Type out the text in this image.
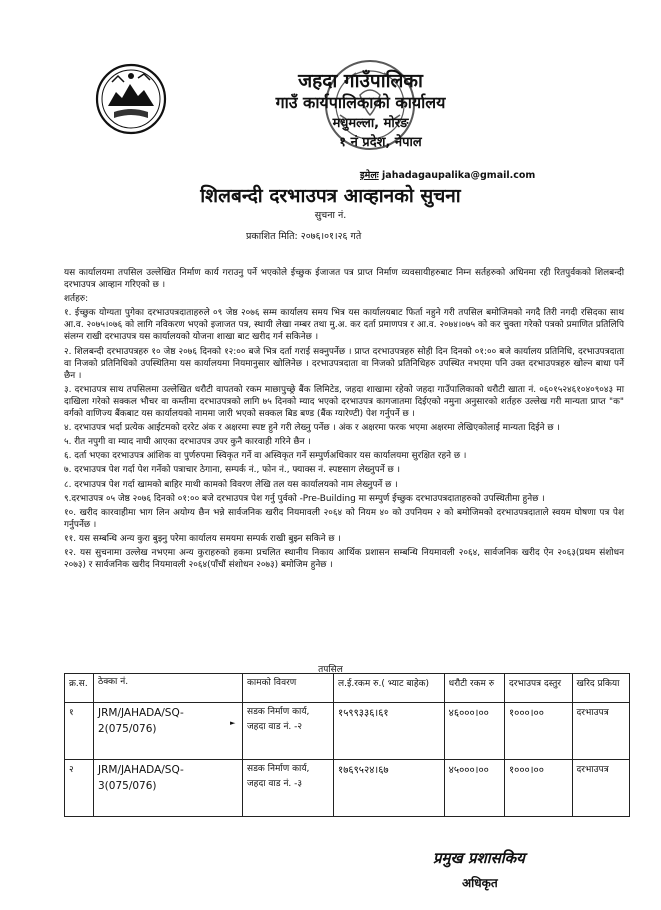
जहदा गाउँपालिका
गाउँ कार्यपालिकाको कार्यालय
मधुमल्ला, मोरङ
१ नं प्रदेश, नेपाल
इमेलः jahadagaupalika@gmail.com
शिलबन्दी दरभाउपत्र आव्हानको सुचना
सुचना नं.
प्रकाशित मिति: २०७६।०१।२६ गते

यस कार्यालयमा तपसिल उल्लेखित निर्माण कार्य गराउनु पर्ने भएकोले ईच्छुक ईजाजत पत्र प्राप्त निर्माण व्यवसायीहरुबाट निम्न सर्तहरुको अधिनमा रही रितपुर्वकको शिलबन्दी दरभाउपत्र आव्हान गरिएको छ ।

शर्तहरु:

१. ईच्छुक योग्यता पुगेका दरभाउपत्रदाताहरुले ०९ जेष्ठ २०७६ सम्म कार्यालय समय भित्र यस कार्यालयबाट फिर्ता नहुने गरी तपसिल बमोजिमको नगदै तिरी नगदी रसिदका साथ आ.व. २०७५।०७६ को लागि नविकरण भएको इजाजत पत्र, स्थायी लेखा नम्बर तथा मु.अ. कर दर्ता प्रमाणपत्र र आ.व. २०७४।०७५ को कर चुक्ता गरेको पत्रको प्रमाणित प्रतिलिपि संलग्न राखी दरभाउपत्र यस कार्यालयको योजना शाखा बाट खरीद गर्न सकिनेछ ।

२. शिलबन्दी दरभाउपत्रहरु १० जेष्ठ २०७६ दिनको १२:०० बजे भित्र दर्ता गराई सक्नुपर्नेछ । प्राप्त दरभाउपत्रहरु सोही दिन दिनको ०१:०० बजे कार्यालय प्रतिनिधि, दरभाउपत्रदाता वा निजको प्रतिनिधिको उपस्थितिमा यस कार्यालयमा नियमानुसार खोलिनेछ । दरभाउपत्रदाता वा निजको प्रतिनिधिहरु उपस्थित नभएमा पनि उक्त दरभाउपत्रहरु खोल्न बाधा पर्ने छैन ।

३. दरभाउपत्र साथ तपसिलमा उल्लेखित धरौटी वापतको रकम माछापुच्छ्रे बैंक लिमिटेड, जहदा शाखामा रहेको जहदा गाउँपालिकाको धरौटी खाता नं. ०६०१५२४६१०४०९०४३ मा दाखिला गरेको सक्कल भौचर वा कम्तीमा दरभाउपत्रको लागि ७५ दिनको म्याद भएको दरभाउपत्र कागजातमा दिईएको नमुना अनुसारको शर्तहरु उल्लेख गरी मान्यता प्राप्त "क" वर्गको वाणिज्य बैंकबाट यस कार्यालयको नाममा जारी भएको सक्कल बिड बण्ड (बैंक ग्यारेण्टी) पेश गर्नुपर्ने छ ।

४. दरभाउपत्र भर्दा प्रत्येक आईटमको दररेट अंक र अक्षरमा स्पष्ट हुने गरी लेख्नु पर्नेछ । अंक र अक्षरमा फरक भएमा अक्षरमा लेखिएकोलाई मान्यता दिईने छ ।

५. रीत नपुगी वा म्याद नाघी आएका दरभाउपत्र उपर कुनै कारवाही गरिने छैन ।

६. दर्ता भएका दरभाउपत्र आंशिक वा पुर्णरुपमा स्विकृत गर्ने वा अस्विकृत गर्ने सम्पुर्णअधिकार यस कार्यालयमा सुरक्षित रहने छ ।

७. दरभाउपत्र पेश गर्दा पेश गर्नेको पत्राचार ठेगाना, सम्पर्क नं., फोन नं., फ्याक्स नं. स्पष्टसाग लेख्नुपर्ने छ ।

८. दरभाउपत्र पेश गर्दा खामको बाहिर माथी कामको विवरण लेखि तल यस कार्यालयको नाम लेख्नुपर्ने छ ।

९.दरभाउपत्र ०५ जेष्ठ २०७६ दिनको ०१:०० बजे दरभाउपत्र पेश गर्नु पुर्वको -Pre-Building मा सम्पुर्ण ईच्छुक दरभाउपत्रदाताहरुको उपस्थितीमा हुनेछ ।

१०. खरीद कारवाहीमा भाग लिन अयोग्य छैन भन्ने सार्वजनिक खरीद नियमावली २०६४ को नियम ४० को उपनियम २ को बमोजिमको दरभाउपत्रदाताले स्वयम घोषणा पत्र पेश गर्नुपर्नेछ ।

११. यस सम्बन्धि अन्य कुरा बुझ्नु परेमा कार्यालय समयमा सम्पर्क राखी बुझ्न सकिने छ ।

१२. यस सुचनामा उल्लेख नभएमा अन्य कुराहरुको हकमा प्रचलित स्थानीय निकाय आर्थिक प्रशासन सम्बन्धि नियमावली २०६४, सार्वजनिक खरीद ऐन २०६३(प्रथम संशोधन २०७३) र सार्वजनिक खरीद नियमावली २०६४(पाँचौं संशोधन २०७३) बमोजिम हुनेछ ।

तपसिल
क्र.स.	ठेक्का नं.	कामको विवरण	ल.ई.रकम रु.( भ्याट बाहेक)	धरौटी रकम रु	दरभाउपत्र दस्तुर	खरिद प्रकिया
१	JRM/JAHADA/SQ-2(075/076)	सडक निर्माण कार्य, जहदा वाड नं. -२	१५९९३३६।६१	४६०००।००	१०००।००	दरभाउपत्र
२	JRM/JAHADA/SQ-3(075/076)	सडक निर्माण कार्य, जहदा वाड नं. -३	१७६९५२४।६७	४५०००।००	१०००।००	दरभाउपत्र
►
प्रमुख प्रशासकिय
अधिकृत
